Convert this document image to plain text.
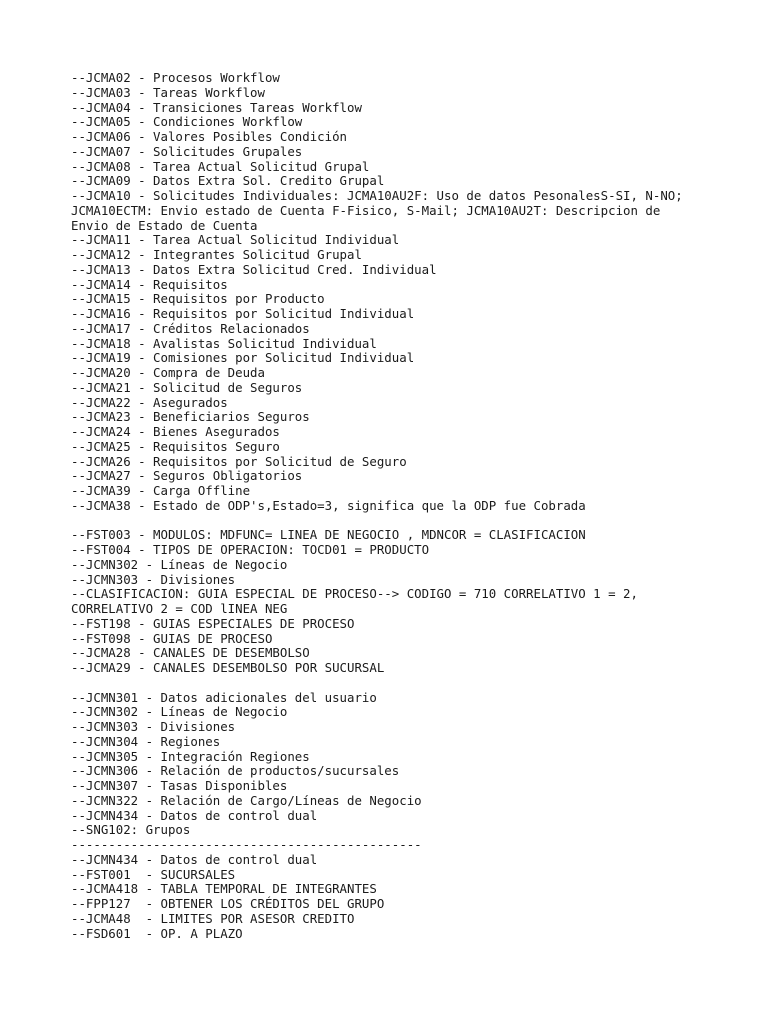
--JCMA02 - Procesos Workflow
--JCMA03 - Tareas Workflow
--JCMA04 - Transiciones Tareas Workflow
--JCMA05 - Condiciones Workflow
--JCMA06 - Valores Posibles Condición
--JCMA07 - Solicitudes Grupales
--JCMA08 - Tarea Actual Solicitud Grupal
--JCMA09 - Datos Extra Sol. Credito Grupal
--JCMA10 - Solicitudes Individuales: JCMA10AU2F: Uso de datos PesonalesS-SI, N-NO;
JCMA10ECTM: Envio estado de Cuenta F-Fisico, S-Mail; JCMA10AU2T: Descripcion de
Envio de Estado de Cuenta
--JCMA11 - Tarea Actual Solicitud Individual
--JCMA12 - Integrantes Solicitud Grupal
--JCMA13 - Datos Extra Solicitud Cred. Individual
--JCMA14 - Requisitos
--JCMA15 - Requisitos por Producto
--JCMA16 - Requisitos por Solicitud Individual
--JCMA17 - Créditos Relacionados
--JCMA18 - Avalistas Solicitud Individual
--JCMA19 - Comisiones por Solicitud Individual
--JCMA20 - Compra de Deuda
--JCMA21 - Solicitud de Seguros
--JCMA22 - Asegurados
--JCMA23 - Beneficiarios Seguros
--JCMA24 - Bienes Asegurados
--JCMA25 - Requisitos Seguro
--JCMA26 - Requisitos por Solicitud de Seguro
--JCMA27 - Seguros Obligatorios
--JCMA39 - Carga Offline
--JCMA38 - Estado de ODP's,Estado=3, significa que la ODP fue Cobrada
--FST003 - MODULOS: MDFUNC= LINEA DE NEGOCIO , MDNCOR = CLASIFICACION
--FST004 - TIPOS DE OPERACION: TOCD01 = PRODUCTO
--JCMN302 - Líneas de Negocio
--JCMN303 - Divisiones
--CLASIFICACION: GUIA ESPECIAL DE PROCESO--> CODIGO = 710 CORRELATIVO 1 = 2,
CORRELATIVO 2 = COD lINEA NEG
--FST198 - GUIAS ESPECIALES DE PROCESO
--FST098 - GUIAS DE PROCESO
--JCMA28 - CANALES DE DESEMBOLSO
--JCMA29 - CANALES DESEMBOLSO POR SUCURSAL
--JCMN301 - Datos adicionales del usuario
--JCMN302 - Líneas de Negocio
--JCMN303 - Divisiones
--JCMN304 - Regiones
--JCMN305 - Integración Regiones
--JCMN306 - Relación de productos/sucursales
--JCMN307 - Tasas Disponibles
--JCMN322 - Relación de Cargo/Líneas de Negocio
--JCMN434 - Datos de control dual
--SNG102: Grupos
-----------------------------------------------
--JCMN434 - Datos de control dual
--FST001  - SUCURSALES
--JCMA418 - TABLA TEMPORAL DE INTEGRANTES
--FPP127  - OBTENER LOS CRÉDITOS DEL GRUPO
--JCMA48  - LIMITES POR ASESOR CREDITO
--FSD601  - OP. A PLAZO
